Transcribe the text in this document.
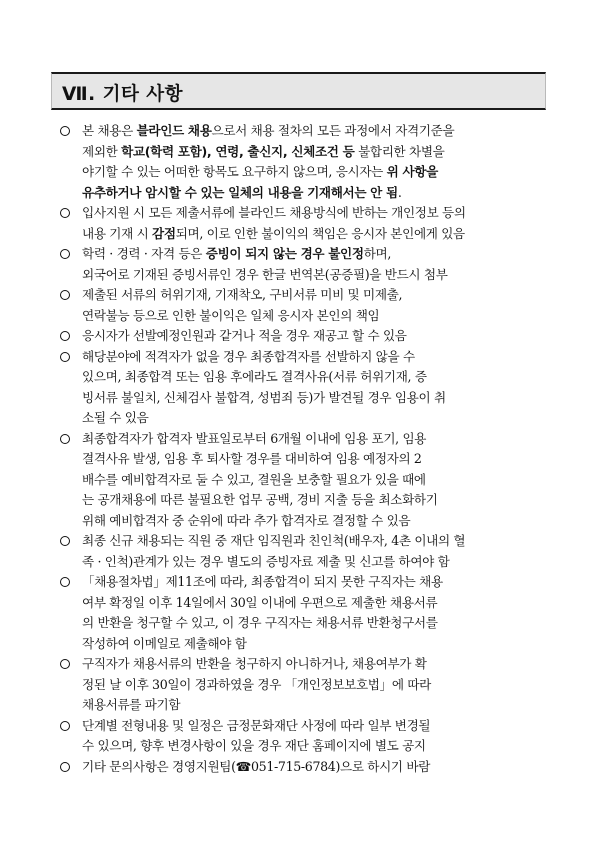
Ⅶ. 기타 사항
본 채용은 블라인드 채용으로서 채용 절차의 모든 과정에서 자격기준을
제외한 학교(학력 포함), 연령, 출신지, 신체조건 등 불합리한 차별을
야기할 수 있는 어떠한 항목도 요구하지 않으며, 응시자는 위 사항을
유추하거나 암시할 수 있는 일체의 내용을 기재해서는 안 됨.
입사지원 시 모든 제출서류에 블라인드 채용방식에 반하는 개인정보 등의
내용 기재 시 감점되며, 이로 인한 불이익의 책임은 응시자 본인에게 있음
학력 · 경력 · 자격 등은 증빙이 되지 않는 경우 불인정하며,
외국어로 기재된 증빙서류인 경우 한글 번역본(공증필)을 반드시 첨부
제출된 서류의 허위기재, 기재착오, 구비서류 미비 및 미제출,
연락불능 등으로 인한 불이익은 일체 응시자 본인의 책임
응시자가 선발예정인원과 같거나 적을 경우 재공고 할 수 있음
해당분야에 적격자가 없을 경우 최종합격자를 선발하지 않을 수
있으며, 최종합격 또는 임용 후에라도 결격사유(서류 허위기재, 증
빙서류 불일치, 신체검사 불합격, 성범죄 등)가 발견될 경우 임용이 취
소될 수 있음
최종합격자가 합격자 발표일로부터 6개월 이내에 임용 포기, 임용
결격사유 발생, 임용 후 퇴사할 경우를 대비하여 임용 예정자의 2
배수를 예비합격자로 둘 수 있고, 결원을 보충할 필요가 있을 때에
는 공개채용에 따른 불필요한 업무 공백, 경비 지출 등을 최소화하기
위해 예비합격자 중 순위에 따라 추가 합격자로 결정할 수 있음
최종 신규 채용되는 직원 중 재단 임직원과 친인척(배우자, 4촌 이내의 혈
족 · 인척)관계가 있는 경우 별도의 증빙자료 제출 및 신고를 하여야 함
「채용절차법」제11조에 따라, 최종합격이 되지 못한 구직자는 채용
여부 확정일 이후 14일에서 30일 이내에 우편으로 제출한 채용서류
의 반환을 청구할 수 있고, 이 경우 구직자는 채용서류 반환청구서를
작성하여 이메일로 제출해야 함
구직자가 채용서류의 반환을 청구하지 아니하거나, 채용여부가 확
정된 날 이후 30일이 경과하였을 경우 「개인정보보호법」에 따라
채용서류를 파기함
단계별 전형내용 및 일정은 금정문화재단 사정에 따라 일부 변경될
수 있으며, 향후 변경사항이 있을 경우 재단 홈페이지에 별도 공지
기타 문의사항은 경영지원팀(☎051-715-6784)으로 하시기 바람
